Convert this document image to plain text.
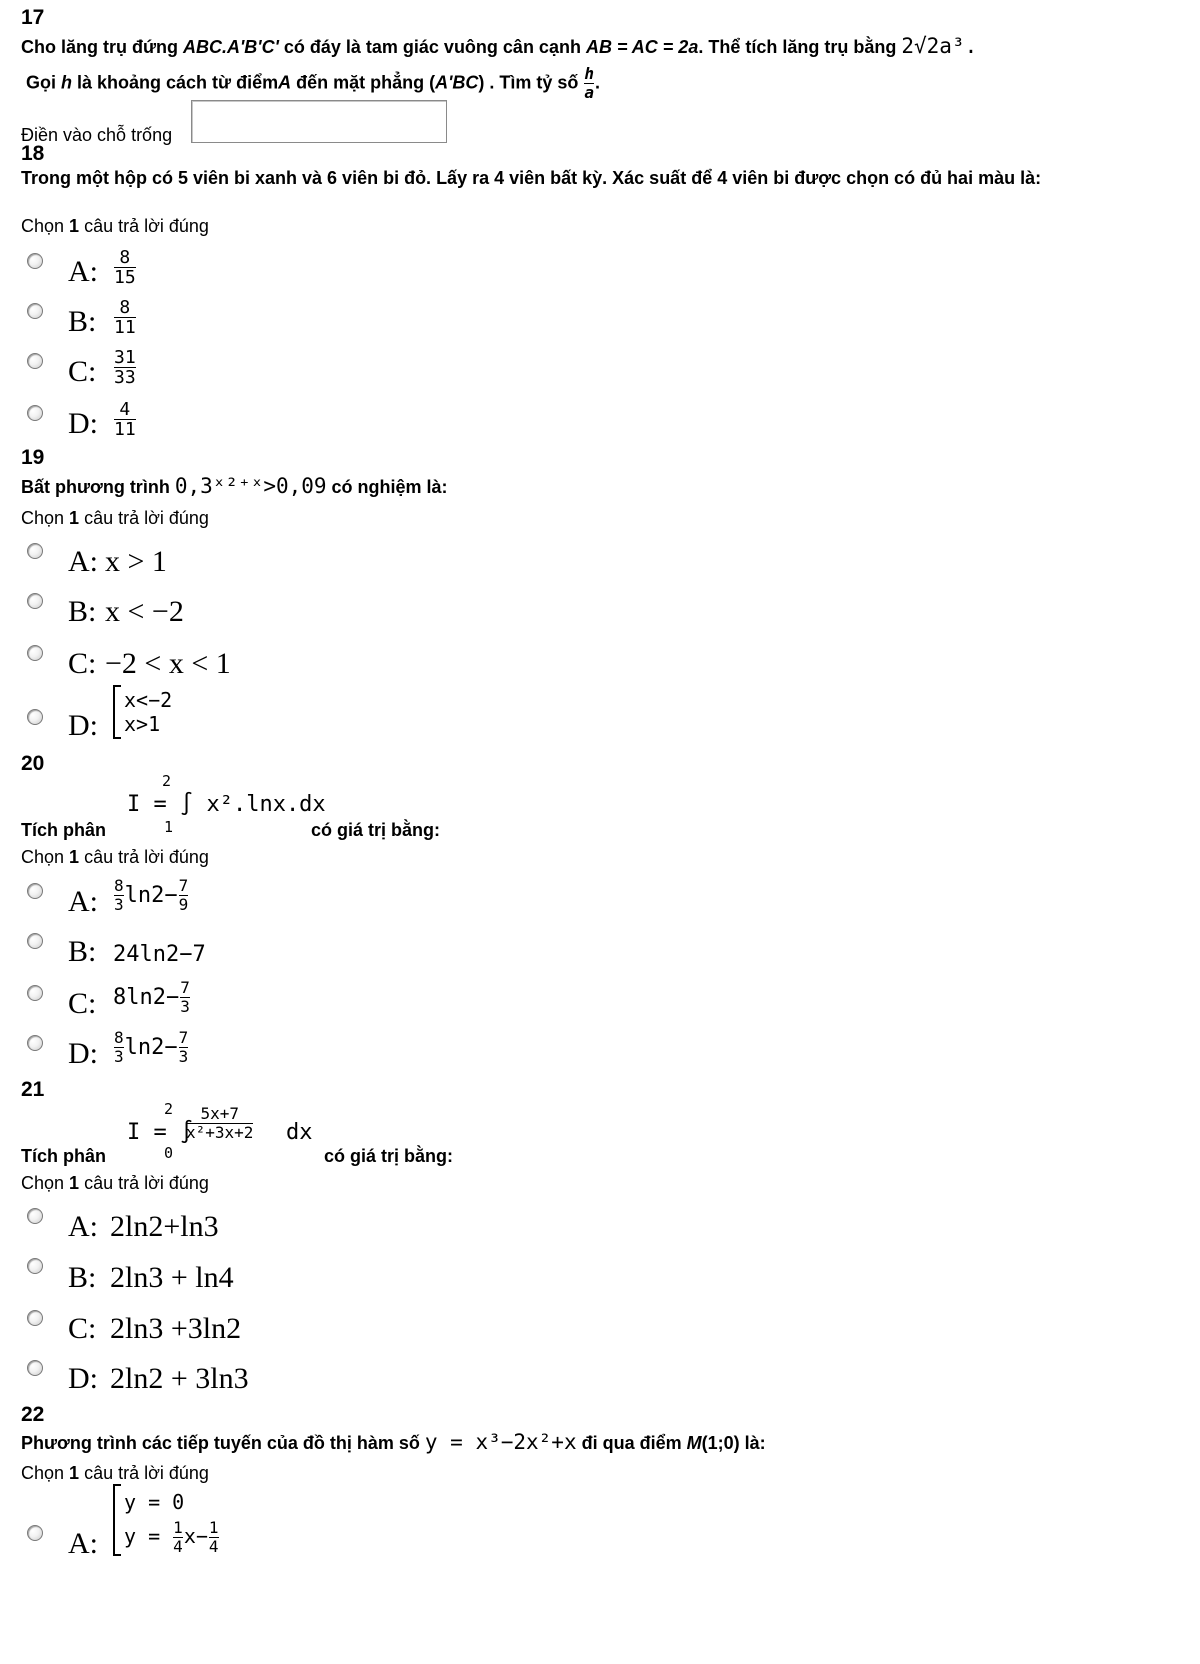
17
Cho lăng trụ đứng ABC.A'B'C' có đáy là tam giác vuông cân cạnh AB = AC = 2a. Thể tích lăng trụ bằng 2√2a³.
Gọi h là khoảng cách từ điểmA đến mặt phẳng (A'BC) . Tìm tỷ số $\frac{h}{a}$ .
Điền vào chỗ trống
18
Trong một hộp có 5 viên bi xanh và 6 viên bi đỏ. Lấy ra 4 viên bất kỳ. Xác suất để 4 viên bi được chọn có đủ hai màu là:
Chọn 1 câu trả lời đúng
A: $\frac{8}{15}$
B: $\frac{8}{11}$
C: $\frac{31}{33}$
D: $\frac{4}{11}$
19
Bất phương trình 0,3ˣ²⁺ˣ>0,09 có nghiệm là:
Chọn 1 câu trả lời đúng
A: x > 1
B: x < −2
C: −2 < x < 1
D:
x<−2
x>1
20
Tích phân
2
I = ∫ x².lnx.dx
1	có giá trị bằng:
Chọn 1 câu trả lời đúng
A: $\frac{8}{3} \ln 2- \frac{7}{9}$
B: 24ln2−7
C: $8\ln 2- \frac{7}{3}$
D: $\frac{8}{3} \ln 2- \frac{7}{3}$
21
Tích phân
2
I = ∫
$\frac{5x+7}{\text{x²+3x+2}}$ dx
0	có giá trị bằng:
Chọn 1 câu trả lời đúng
A: 2ln2+ln3
B: 2ln3 + ln4
C: 2ln3 +3ln2
D: 2ln2 + 3ln3
22
Phương trình các tiếp tuyến của đồ thị hàm số y = x³−2x²+x đi qua điểm M(1;0) là:
Chọn 1 câu trả lời đúng
A:
y = 0
$y = \frac{1}{4} x- \frac{1}{4}$
